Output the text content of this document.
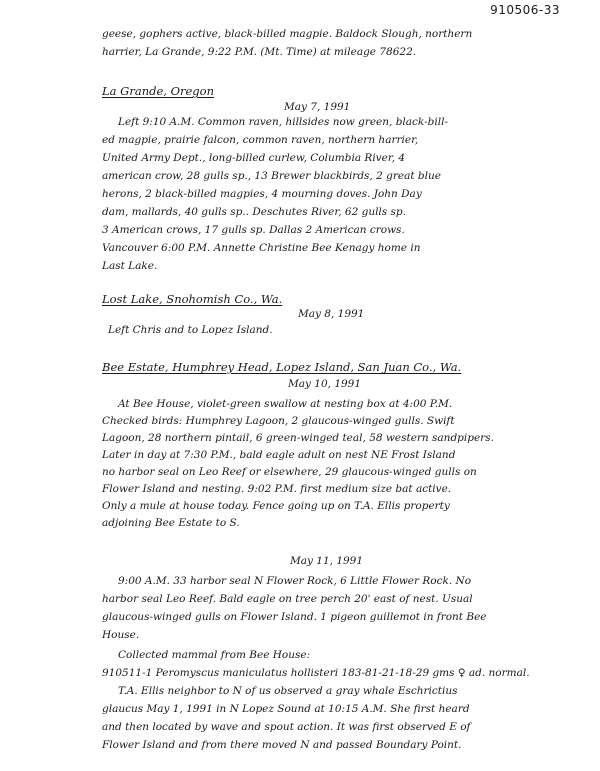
910506-33
geese, gophers active, black-billed magpie. Baldock Slough, northern
harrier, La Grande, 9:22 P.M. (Mt. Time) at mileage 78622.
La Grande, Oregon
May 7, 1991
Left 9:10 A.M. Common raven, hillsides now green, black-bill-
ed magpie, prairie falcon, common raven, northern harrier,
United Army Dept., long-billed curlew, Columbia River, 4
american crow, 28 gulls sp., 13 Brewer blackbirds, 2 great blue
herons, 2 black-billed magpies, 4 mourning doves. John Day
dam, mallards, 40 gulls sp.. Deschutes River, 62 gulls sp.
3 American crows, 17 gulls sp. Dallas 2 American crows.
Vancouver 6:00 P.M. Annette Christine Bee Kenagy home in
Last Lake.
Lost Lake, Snohomish Co., Wa.
May 8, 1991
Left Chris and to Lopez Island.
Bee Estate, Humphrey Head, Lopez Island, San Juan Co., Wa.
May 10, 1991
At Bee House, violet-green swallow at nesting box at 4:00 P.M.
Checked birds: Humphrey Lagoon, 2 glaucous-winged gulls. Swift
Lagoon, 28 northern pintail, 6 green-winged teal, 58 western sandpipers.
Later in day at 7:30 P.M., bald eagle adult on nest NE Frost Island
no harbor seal on Leo Reef or elsewhere, 29 glaucous-winged gulls on
Flower Island and nesting. 9:02 P.M. first medium size bat active.
Only a mule at house today. Fence going up on T.A. Ellis property
adjoining Bee Estate to S.
May 11, 1991
9:00 A.M. 33 harbor seal N Flower Rock, 6 Little Flower Rock. No
harbor seal Leo Reef. Bald eagle on tree perch 20' east of nest. Usual
glaucous-winged gulls on Flower Island. 1 pigeon guillemot in front Bee
House.
Collected mammal from Bee House:
910511-1 Peromyscus maniculatus hollisteri 183-81-21-18-29 gms ♀ ad. normal.
T.A. Ellis neighbor to N of us observed a gray whale Eschrictius
glaucus May 1, 1991 in N Lopez Sound at 10:15 A.M. She first heard
and then located by wave and spout action. It was first observed E of
Flower Island and from there moved N and passed Boundary Point.
